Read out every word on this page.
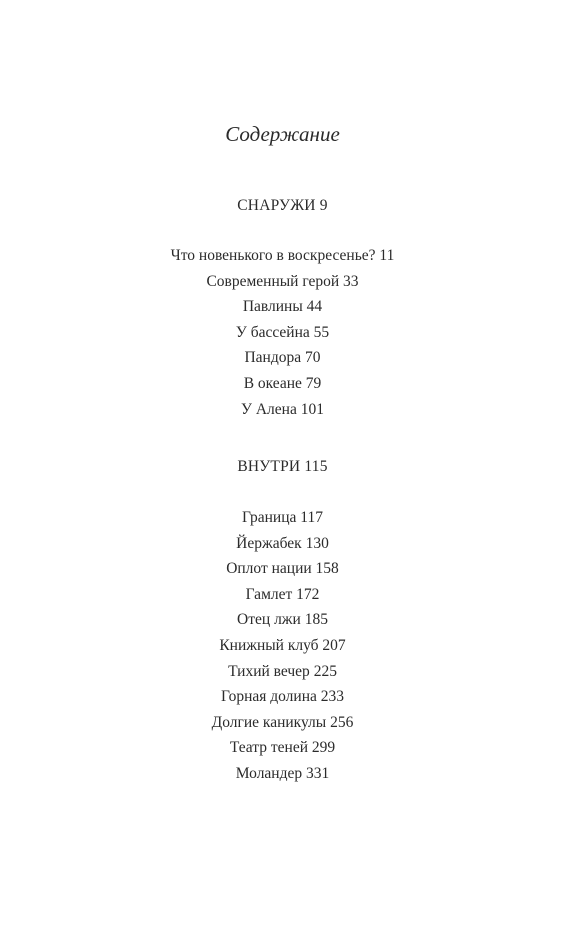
Содержание
СНАРУЖИ 9
Что новенького в воскресенье? 11
Современный герой 33
Павлины 44
У бассейна 55
Пандора 70
В океане 79
У Алена 101
ВНУТРИ 115
Граница 117
Йержабек 130
Оплот нации 158
Гамлет 172
Отец лжи 185
Книжный клуб 207
Тихий вечер 225
Горная долина 233
Долгие каникулы 256
Театр теней 299
Моландер 331
